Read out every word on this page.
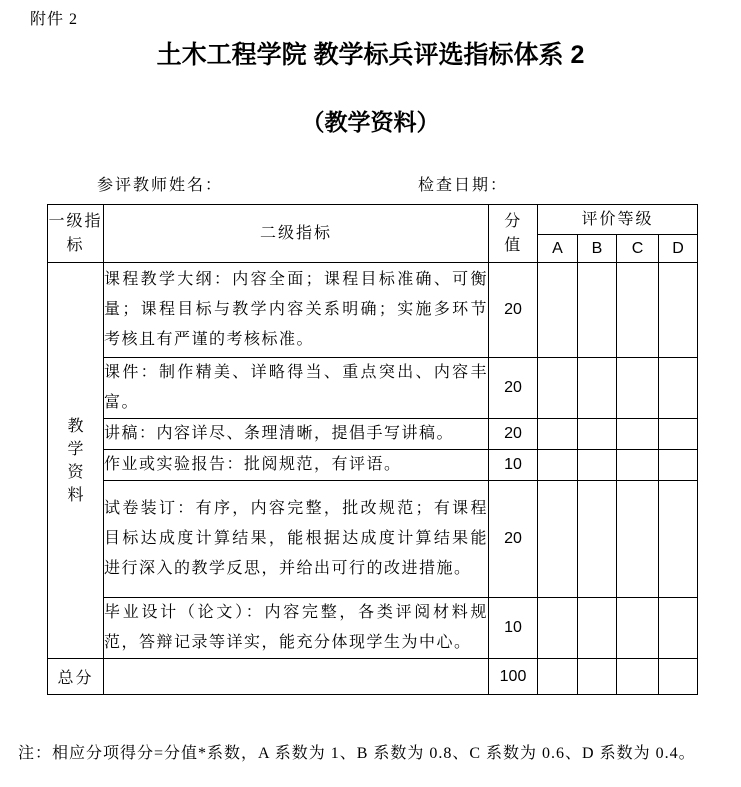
附件 2
土木工程学院 教学标兵评选指标体系 2
（教学资料）
参评教师姓名：	检查日期：
一级指标	二级指标	分值	评价等级			
			A	B	C	D

教学资料	课程教学大纲：内容全面；课程目标准确、可衡量；课程目标与教学内容关系明确；实施多环节考核且有严谨的考核标准。	20				
	课件：制作精美、详略得当、重点突出、内容丰富。	20				
	讲稿：内容详尽、条理清晰，提倡手写讲稿。	20				
	作业或实验报告：批阅规范，有评语。	10				
	试卷装订：有序，内容完整，批改规范；有课程目标达成度计算结果，能根据达成度计算结果能进行深入的教学反思，并给出可行的改进措施。	20				
	毕业设计（论文）：内容完整，各类评阅材料规范，答辩记录等详实，能充分体现学生为中心。	10				
总分		100				
注：相应分项得分=分值*系数，A 系数为 1、B 系数为 0.8、C 系数为 0.6、D 系数为 0.4。
